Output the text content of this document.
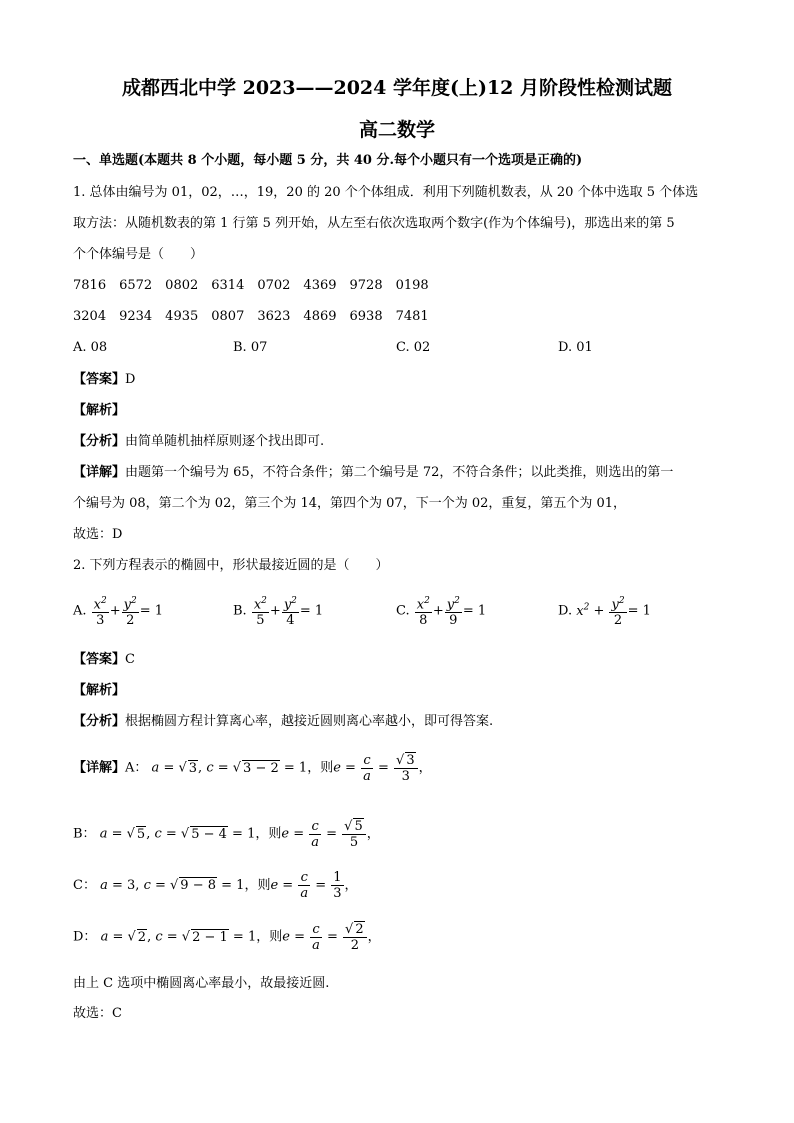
成都西北中学 2023——2024 学年度(上)12 月阶段性检测试题
高二数学
一、单选题(本题共 8 个小题，每小题 5 分，共 40 分.每个小题只有一个选项是正确的)
1. 总体由编号为 01，02，…，19，20 的 20 个个体组成．利用下列随机数表，从 20 个体中选取 5 个体选
取方法：从随机数表的第 1 行第 5 列开始，从左至右依次选取两个数字(作为个体编号)，那选出来的第 5
个个体编号是（　　）
7816　6572　0802　6314　0702　4369　9728　0198
3204　9234　4935　0807　3623　4869　6938　7481
A. 08	B. 07	C. 02	D. 01
【答案】D
【解析】
【分析】由简单随机抽样原则逐个找出即可.
【详解】由题第一个编号为 65，不符合条件；第二个编号是 72，不符合条件；以此类推，则选出的第一
个编号为 08，第二个为 02，第三个为 14，第四个为 07，下一个为 02，重复，第五个为 01，
故选：D
2. 下列方程表示的椭圆中，形状最接近圆的是（　　）
A. $\frac{x^2}{3} + \frac{y^2}{2} = 1$	B. $\frac{x^2}{5} + \frac{y^2}{4} = 1$	C. $\frac{x^2}{8} + \frac{y^2}{9} = 1$	D. $x^2 + \frac{y^2}{2} = 1$
【答案】C
【解析】
【分析】根据椭圆方程计算离心率，越接近圆则离心率越小，即可得答案.
【详解】A： a = √ 3, c = √ 3 − 2 = 1，则$e = \frac{c}{a} = \frac{√ 3}{3}$ ，
B： a = √ 5, c = √ 5 − 4 = 1，则$e = \frac{c}{a} = \frac{√ 5}{5}$ ，
C： a = 3, c = √ 9 − 8 = 1，则$e = \frac{c}{a} = \frac{1}{3}$ ，
D： a = √ 2, c = √ 2 − 1 = 1，则$e = \frac{c}{a} = \frac{√ 2}{2}$ ，
由上 C 选项中椭圆离心率最小，故最接近圆.
故选：C
